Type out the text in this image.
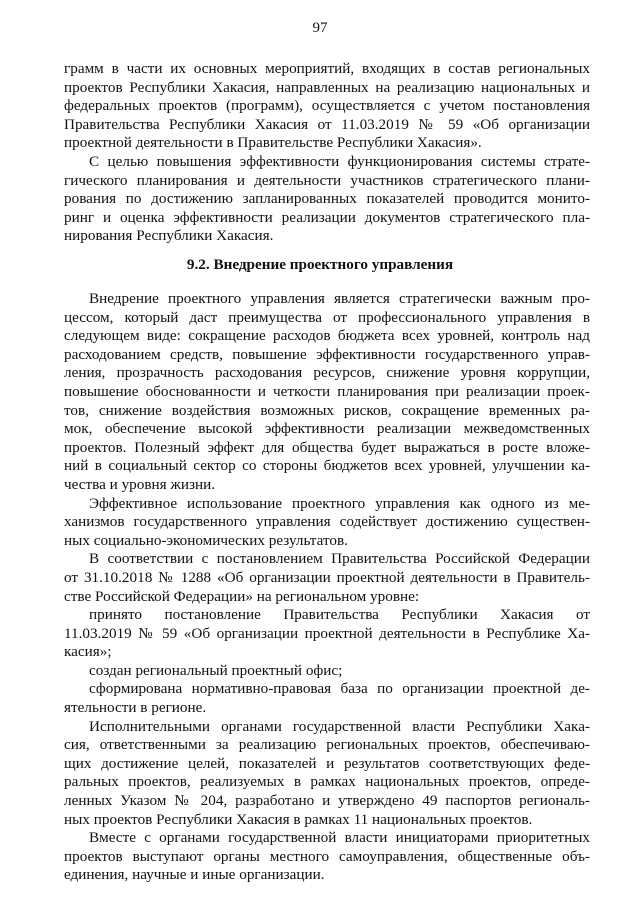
97
грамм в части их основных мероприятий, входящих в состав региональных
проектов Республики Хакасия, направленных на реализацию национальных и
федеральных проектов (программ), осуществляется с учетом постановления
Правительства Республики Хакасия от 11.03.2019 № 59 «Об организации
проектной деятельности в Правительстве Республики Хакасия».
С целью повышения эффективности функционирования системы страте-
гического планирования и деятельности участников стратегического плани-
рования по достижению запланированных показателей проводится монито-
ринг и оценка эффективности реализации документов стратегического пла-
нирования Республики Хакасия.
9.2. Внедрение проектного управления
Внедрение проектного управления является стратегически важным про-
цессом, который даст преимущества от профессионального управления в
следующем виде: сокращение расходов бюджета всех уровней, контроль над
расходованием средств, повышение эффективности государственного управ-
ления, прозрачность расходования ресурсов, снижение уровня коррупции,
повышение обоснованности и четкости планирования при реализации проек-
тов, снижение воздействия возможных рисков, сокращение временных ра-
мок, обеспечение высокой эффективности реализации межведомственных
проектов. Полезный эффект для общества будет выражаться в росте вложе-
ний в социальный сектор со стороны бюджетов всех уровней, улучшении ка-
чества и уровня жизни.
Эффективное использование проектного управления как одного из ме-
ханизмов государственного управления содействует достижению существен-
ных социально-экономических результатов.
В соответствии с постановлением Правительства Российской Федерации
от 31.10.2018 № 1288 «Об организации проектной деятельности в Правитель-
стве Российской Федерации» на региональном уровне:
принято постановление Правительства Республики Хакасия от
11.03.2019 № 59 «Об организации проектной деятельности в Республике Ха-
касия»;
создан региональный проектный офис;
сформирована нормативно-правовая база по организации проектной де-
ятельности в регионе.
Исполнительными органами государственной власти Республики Хака-
сия, ответственными за реализацию региональных проектов, обеспечиваю-
щих достижение целей, показателей и результатов соответствующих феде-
ральных проектов, реализуемых в рамках национальных проектов, опреде-
ленных Указом № 204, разработано и утверждено 49 паспортов региональ-
ных проектов Республики Хакасия в рамках 11 национальных проектов.
Вместе с органами государственной власти инициаторами приоритетных
проектов выступают органы местного самоуправления, общественные объ-
единения, научные и иные организации.
